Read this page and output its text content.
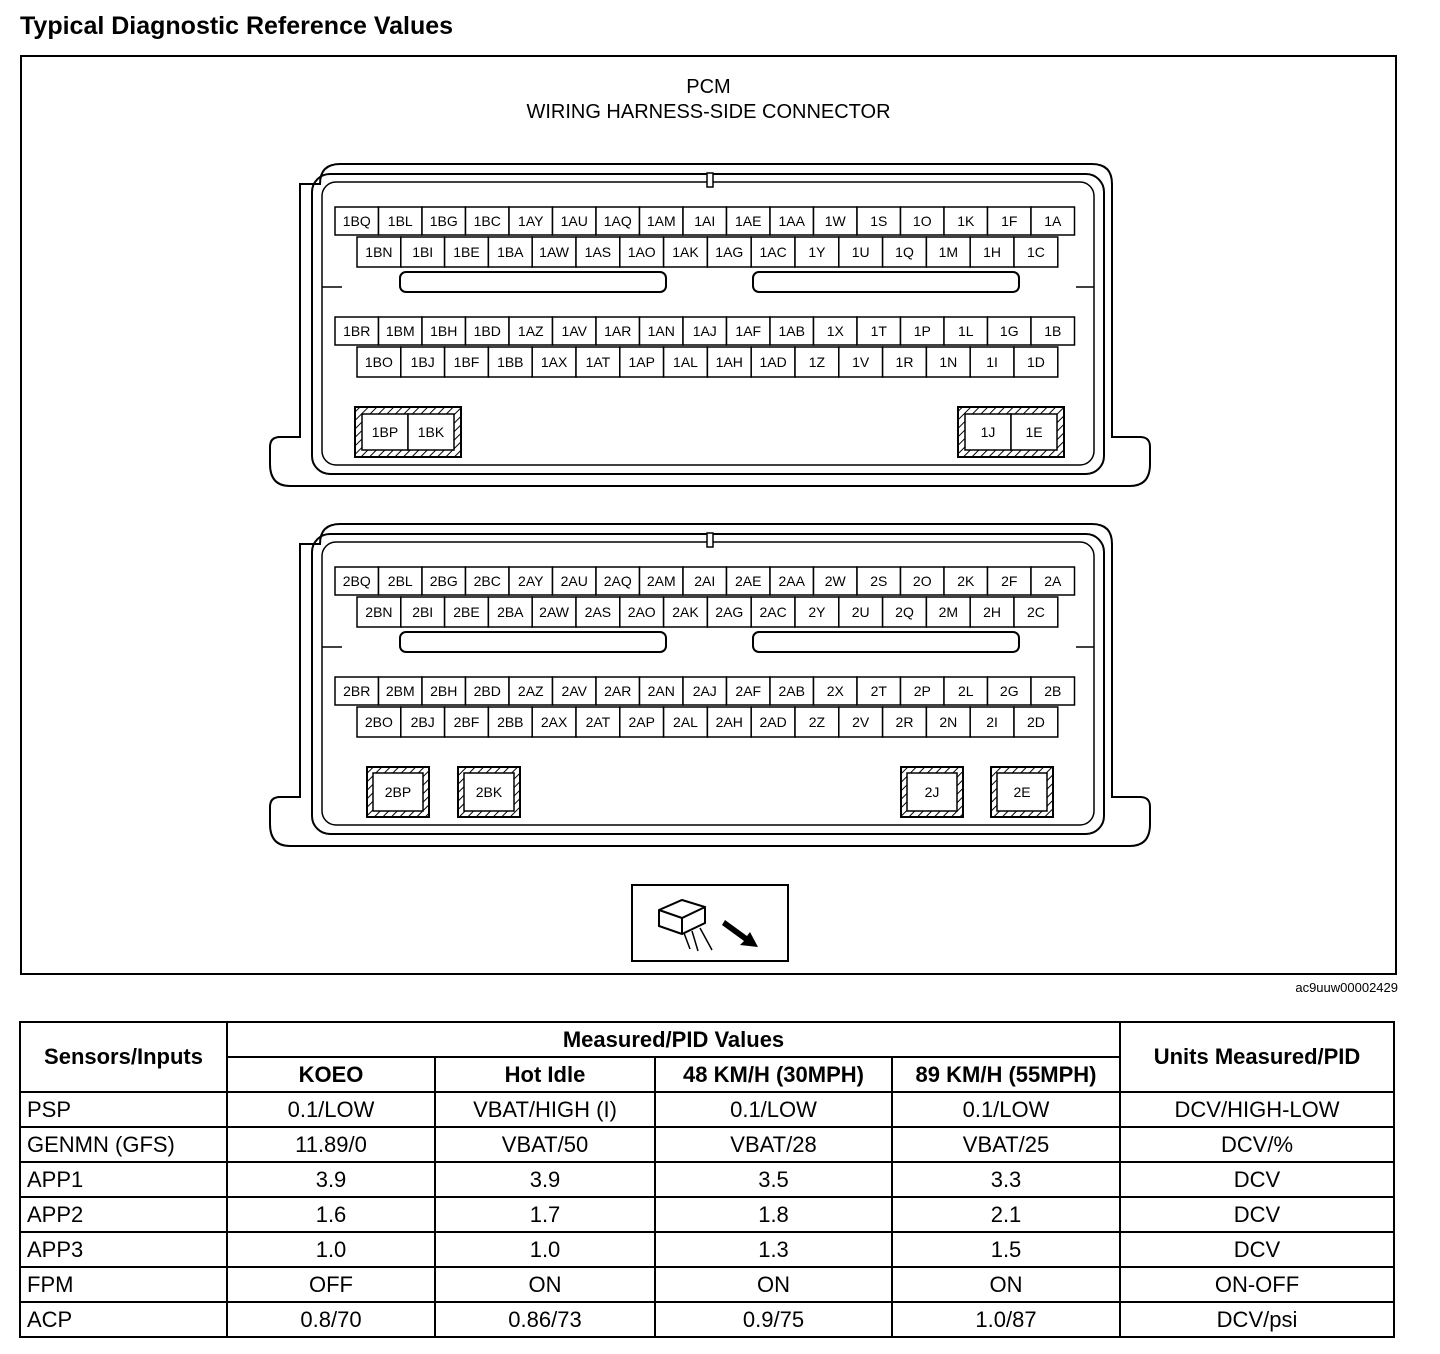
Typical Diagnostic Reference Values
PCM
WIRING HARNESS-SIDE CONNECTOR
1BQ 1BL 1BG 1BC 1AY 1AU 1AQ 1AM 1AI 1AE 1AA 1W 1S 1O 1K 1F 1A
1BN 1BI 1BE 1BA 1AW 1AS 1AO 1AK 1AG 1AC 1Y 1U 1Q 1M 1H 1C
1BR 1BM 1BH 1BD 1AZ 1AV 1AR 1AN 1AJ 1AF 1AB 1X 1T 1P 1L 1G 1B
1BO 1BJ 1BF 1BB 1AX 1AT 1AP 1AL 1AH 1AD 1Z 1V 1R 1N 1I 1D
1BP 1BK	1J 1E
2BQ 2BL 2BG 2BC 2AY 2AU 2AQ 2AM 2AI 2AE 2AA 2W 2S 2O 2K 2F 2A
2BN 2BI 2BE 2BA 2AW 2AS 2AO 2AK 2AG 2AC 2Y 2U 2Q 2M 2H 2C
2BR 2BM 2BH 2BD 2AZ 2AV 2AR 2AN 2AJ 2AF 2AB 2X 2T 2P 2L 2G 2B
2BO 2BJ 2BF 2BB 2AX 2AT 2AP 2AL 2AH 2AD 2Z 2V 2R 2N 2I 2D
2BP	2BK	2J	2E
ac9uuw00002429
Sensors/Inputs	Measured/PID Values				Units Measured/PID
	KOEO	Hot Idle	48 KM/H (30MPH)	89 KM/H (55MPH)	
PSP	0.1/LOW	VBAT/HIGH (I)	0.1/LOW	0.1/LOW	DCV/HIGH-LOW
GENMN (GFS)	11.89/0	VBAT/50	VBAT/28	VBAT/25	DCV/%
APP1	3.9	3.9	3.5	3.3	DCV
APP2	1.6	1.7	1.8	2.1	DCV
APP3	1.0	1.0	1.3	1.5	DCV
FPM	OFF	ON	ON	ON	ON-OFF
ACP	0.8/70	0.86/73	0.9/75	1.0/87	DCV/psi
